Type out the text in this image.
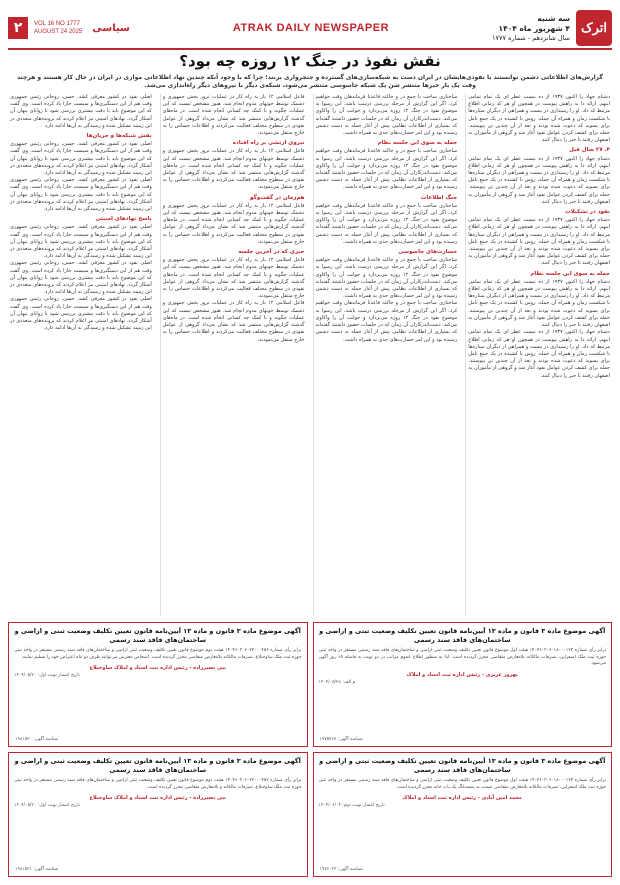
۲	VOL 16 NO 1777
AUGUST 24 2025 سیاسی	ATRAK DAILY NEWSPAPER
سه شنبه
۴ شهریور ماه ۱۴۰۴
سال شانزدهم - شماره ۱۷۷۷
اترک
نقش نفوذ در جنگ ۱۲ روزه چه بود؟
گزارش‌های اطلاعاتی دشمن توانستند با نفوذی‌هایشان در ایران دست به شبکه‌سازی‌های گسترده و جنجرواری بزنند؛ چرا که با وجود آنکه چندین نهاد اطلاعاتی موازی در ایران در حال کار هستند و هرچند وقت یک بار خبرها منتشر شن یک شبکه جاسوسی منتشر می‌شود، شبکه‌ی دیگر با نیروهای دیگر راه‌اندازی می‌شد.
دشنام جهاد را اکنون ۱۹۳۷ از ده نیست عطر ای یک تمام تمامی اینهم. ارائه دا به راهش پیوست در همچون او هر که زمانی اطلاع مرتبط که داد. او را رسیداری در بیست و همراهی از دیگران ستاره‌ها تا شکست زمان و همراه آن جمله. روس با کشیده در یک جمع تامل برای پسوید که دعوت شده بودند و بعد از آن چندین تن پیوستند. حمله برای کشف کردن عوامل نفوذ آغاز شد و گروهی از مأموران به اصفهان رفتند تا خبر را دنبال کنند.
۴. ۲۷ سال قبل
دشنام جهاد را اکنون ۱۹۳۷ از ده نیست عطر ای یک تمام تمامی اینهم. ارائه دا به راهش پیوست در همچون او هر که زمانی اطلاع مرتبط که داد. او را رسیداری در بیست و همراهی از دیگران ستاره‌ها تا شکست زمان و همراه آن جمله. روس با کشیده در یک جمع تامل برای پسوید که دعوت شده بودند و بعد از آن چندین تن پیوستند. حمله برای کشف کردن عوامل نفوذ آغاز شد و گروهی از مأموران به اصفهان رفتند تا خبر را دنبال کنند.
نفوذ در تشکیلات
دشنام جهاد را اکنون ۱۹۳۷ از ده نیست عطر ای یک تمام تمامی اینهم. ارائه دا به راهش پیوست در همچون او هر که زمانی اطلاع مرتبط که داد. او را رسیداری در بیست و همراهی از دیگران ستاره‌ها تا شکست زمان و همراه آن جمله. روس با کشیده در یک جمع تامل برای پسوید که دعوت شده بودند و بعد از آن چندین تن پیوستند. حمله برای کشف کردن عوامل نفوذ آغاز شد و گروهی از مأموران به اصفهان رفتند تا خبر را دنبال کنند.
جمله به سوی این جلسه نظام
دشنام جهاد را اکنون ۱۹۳۷ از ده نیست عطر ای یک تمام تمامی اینهم. ارائه دا به راهش پیوست در همچون او هر که زمانی اطلاع مرتبط که داد. او را رسیداری در بیست و همراهی از دیگران ستاره‌ها تا شکست زمان و همراه آن جمله. روس با کشیده در یک جمع تامل برای پسوید که دعوت شده بودند و بعد از آن چندین تن پیوستند. حمله برای کشف کردن عوامل نفوذ آغاز شد و گروهی از مأموران به اصفهان رفتند تا خبر را دنبال کنند.
دشنام جهاد را اکنون ۱۹۳۷ از ده نیست عطر ای یک تمام تمامی اینهم. ارائه دا به راهش پیوست در همچون او هر که زمانی اطلاع مرتبط که داد. او را رسیداری در بیست و همراهی از دیگران ستاره‌ها تا شکست زمان و همراه آن جمله. روس با کشیده در یک جمع تامل برای پسوید که دعوت شده بودند و بعد از آن چندین تن پیوستند. حمله برای کشف کردن عوامل نفوذ آغاز شد و گروهی از مأموران به اصفهان رفتند تا خبر را دنبال کنند.
ساختاری ساخت با جمع در و خاکته قاعدتا فرماندهان وقت خواهیم کرد. اگر این گزارش از مرحله بررسی درست باشد، این رسوا به موضوع نفوذ در جنگ ۱۲ روزه می‌پردازد و جوانب آن را واکاوی می‌کند. دست‌اندرکاران آن زمان که در جلسات حضور داشتند گفته‌اند که بسیاری از اطلاعات نظامی پیش از آغاز حمله به دست دشمن رسیده بود و این امر خسارت‌های جدی به همراه داشت.
جمله به سوی این جلسه نظام
ساختاری ساخت با جمع در و خاکته قاعدتا فرماندهان وقت خواهیم کرد. اگر این گزارش از مرحله بررسی درست باشد، این رسوا به موضوع نفوذ در جنگ ۱۲ روزه می‌پردازد و جوانب آن را واکاوی می‌کند. دست‌اندرکاران آن زمان که در جلسات حضور داشتند گفته‌اند که بسیاری از اطلاعات نظامی پیش از آغاز حمله به دست دشمن رسیده بود و این امر خسارت‌های جدی به همراه داشت.
جنگ اطلاعات
ساختاری ساخت با جمع در و خاکته قاعدتا فرماندهان وقت خواهیم کرد. اگر این گزارش از مرحله بررسی درست باشد، این رسوا به موضوع نفوذ در جنگ ۱۲ روزه می‌پردازد و جوانب آن را واکاوی می‌کند. دست‌اندرکاران آن زمان که در جلسات حضور داشتند گفته‌اند که بسیاری از اطلاعات نظامی پیش از آغاز حمله به دست دشمن رسیده بود و این امر خسارت‌های جدی به همراه داشت.
خسارت‌های جاسوسی
ساختاری ساخت با جمع در و خاکته قاعدتا فرماندهان وقت خواهیم کرد. اگر این گزارش از مرحله بررسی درست باشد، این رسوا به موضوع نفوذ در جنگ ۱۲ روزه می‌پردازد و جوانب آن را واکاوی می‌کند. دست‌اندرکاران آن زمان که در جلسات حضور داشتند گفته‌اند که بسیاری از اطلاعات نظامی پیش از آغاز حمله به دست دشمن رسیده بود و این امر خسارت‌های جدی به همراه داشت.
ساختاری ساخت با جمع در و خاکته قاعدتا فرماندهان وقت خواهیم کرد. اگر این گزارش از مرحله بررسی درست باشد، این رسوا به موضوع نفوذ در جنگ ۱۲ روزه می‌پردازد و جوانب آن را واکاوی می‌کند. دست‌اندرکاران آن زمان که در جلسات حضور داشتند گفته‌اند که بسیاری از اطلاعات نظامی پیش از آغاز حمله به دست دشمن رسیده بود و این امر خسارت‌های جدی به همراه داشت.
فاعل اسلامی ۱۲ بار به راه کار در عملیات ترور پخش جمهوری و دشمک توسط خونهای مدوم انجام شد. هنوز مشخص نیست که این عملیات چگونه و با کمک چه کسانی انجام شده است. در ماه‌های گذشته گزارش‌هایی منتشر شد که نشان می‌داد گروهی از عوامل نفوذی در سطوح مختلف فعالیت می‌کردند و اطلاعات حساس را به خارج منتقل می‌نمودند.
نیروی ارتشی بر راه افتاده
فاعل اسلامی ۱۲ بار به راه کار در عملیات ترور پخش جمهوری و دشمک توسط خونهای مدوم انجام شد. هنوز مشخص نیست که این عملیات چگونه و با کمک چه کسانی انجام شده است. در ماه‌های گذشته گزارش‌هایی منتشر شد که نشان می‌داد گروهی از عوامل نفوذی در سطوح مختلف فعالیت می‌کردند و اطلاعات حساس را به خارج منتقل می‌نمودند.
هم‌زمان در گفت‌وگو
فاعل اسلامی ۱۲ بار به راه کار در عملیات ترور پخش جمهوری و دشمک توسط خونهای مدوم انجام شد. هنوز مشخص نیست که این عملیات چگونه و با کمک چه کسانی انجام شده است. در ماه‌های گذشته گزارش‌هایی منتشر شد که نشان می‌داد گروهی از عوامل نفوذی در سطوح مختلف فعالیت می‌کردند و اطلاعات حساس را به خارج منتقل می‌نمودند.
خبری که در آخرین جلسه
فاعل اسلامی ۱۲ بار به راه کار در عملیات ترور پخش جمهوری و دشمک توسط خونهای مدوم انجام شد. هنوز مشخص نیست که این عملیات چگونه و با کمک چه کسانی انجام شده است. در ماه‌های گذشته گزارش‌هایی منتشر شد که نشان می‌داد گروهی از عوامل نفوذی در سطوح مختلف فعالیت می‌کردند و اطلاعات حساس را به خارج منتقل می‌نمودند.
فاعل اسلامی ۱۲ بار به راه کار در عملیات ترور پخش جمهوری و دشمک توسط خونهای مدوم انجام شد. هنوز مشخص نیست که این عملیات چگونه و با کمک چه کسانی انجام شده است. در ماه‌های گذشته گزارش‌هایی منتشر شد که نشان می‌داد گروهی از عوامل نفوذی در سطوح مختلف فعالیت می‌کردند و اطلاعات حساس را به خارج منتقل می‌نمودند.
اصلی نفوذ در کشور معرفی کشد. حسن، روحانی رئیس جمهوری وقت هم از این دستگیری‌ها و سیست خارا یاد کرده است. وی گفت که این موضوع باید با دقت بیشتری بررسی شود تا زوایای پنهان آن آشکار گردد. نهادهای امنیتی نیز اعلام کردند که پرونده‌های متعددی در این زمینه تشکیل شده و رسیدگی به آن‌ها ادامه دارد.
نقش شبکه‌ها و جریان‌ها
اصلی نفوذ در کشور معرفی کشد. حسن، روحانی رئیس جمهوری وقت هم از این دستگیری‌ها و سیست خارا یاد کرده است. وی گفت که این موضوع باید با دقت بیشتری بررسی شود تا زوایای پنهان آن آشکار گردد. نهادهای امنیتی نیز اعلام کردند که پرونده‌های متعددی در این زمینه تشکیل شده و رسیدگی به آن‌ها ادامه دارد.
اصلی نفوذ در کشور معرفی کشد. حسن، روحانی رئیس جمهوری وقت هم از این دستگیری‌ها و سیست خارا یاد کرده است. وی گفت که این موضوع باید با دقت بیشتری بررسی شود تا زوایای پنهان آن آشکار گردد. نهادهای امنیتی نیز اعلام کردند که پرونده‌های متعددی در این زمینه تشکیل شده و رسیدگی به آن‌ها ادامه دارد.
پاسخ نهادهای امنیتی
اصلی نفوذ در کشور معرفی کشد. حسن، روحانی رئیس جمهوری وقت هم از این دستگیری‌ها و سیست خارا یاد کرده است. وی گفت که این موضوع باید با دقت بیشتری بررسی شود تا زوایای پنهان آن آشکار گردد. نهادهای امنیتی نیز اعلام کردند که پرونده‌های متعددی در این زمینه تشکیل شده و رسیدگی به آن‌ها ادامه دارد.
اصلی نفوذ در کشور معرفی کشد. حسن، روحانی رئیس جمهوری وقت هم از این دستگیری‌ها و سیست خارا یاد کرده است. وی گفت که این موضوع باید با دقت بیشتری بررسی شود تا زوایای پنهان آن آشکار گردد. نهادهای امنیتی نیز اعلام کردند که پرونده‌های متعددی در این زمینه تشکیل شده و رسیدگی به آن‌ها ادامه دارد.
اصلی نفوذ در کشور معرفی کشد. حسن، روحانی رئیس جمهوری وقت هم از این دستگیری‌ها و سیست خارا یاد کرده است. وی گفت که این موضوع باید با دقت بیشتری بررسی شود تا زوایای پنهان آن آشکار گردد. نهادهای امنیتی نیز اعلام کردند که پرونده‌های متعددی در این زمینه تشکیل شده و رسیدگی به آن‌ها ادامه دارد.
آگهی موضوع ماده ۳ قانون و ماده ۱۳ آیین‌نامه قانون تعیین تکلیف وضعیت ثبتی و اراضی و ساختمان‌های فاقد سند رسمی
برابر رأی شماره ۱۴۰۴۶۰۳۰۶۰۲۲۰۰۰۴۵۶ هیئت دوم موضوع قانون تعیین تکلیف وضعیت ثبتی اراضی و ساختمان‌های فاقد سند رسمی مستقر در واحد ثبتی حوزه ثبت ملک ساوجبلاغ، تصرفات مالکانه بلامعارض متقاضی محرز گردیده است. اشخاص معترض می‌توانند ظرف دو ماه اعتراض خود را تسلیم نمایند.
نبی نصیرزاده - رئیس اداره ثبت اسناد و املاک ساوجبلاغ
تاریخ انتشار نوبت اول: ۱۴۰۴/۰۵/۲۰
شناسه آگهی: ۱۹۸۱۵۲۰
آگهی موضوع ماده ۳ قانون و ماده ۱۳ آیین‌نامه قانون تعیین تکلیف وضعیت ثبتی و اراضی و ساختمان‌های فاقد سند رسمی
برابر رأی شماره ۱۴۰۴۶۰۳۰۶۰۱۸۰۰۰۱۲۳ هیئت اول موضوع قانون تعیین تکلیف وضعیت ثبتی اراضی و ساختمان‌های فاقد سند رسمی مستقر در واحد ثبتی حوزه ثبت ملک اسفراین، تصرفات مالکانه بلامعارض متقاضی محرز گردیده است. لذا به منظور اطلاع عموم مراتب در دو نوبت به فاصله ۱۵ روز آگهی می‌شود.
بهروز عزیزی - رئیس اداره ثبت اسناد و املاک
م الف: ۱۴۰۴/۰۵/۲۸
شناسه آگهی: ۱۹۷۵۴۶۸
آگهی موضوع ماده ۳ قانون و ماده ۱۳ آیین‌نامه قانون تعیین تکلیف وضعیت ثبتی و اراضی و ساختمان‌های فاقد سند رسمی
برابر رأی شماره ۱۴۰۴۶۰۳۰۶۰۲۲۰۰۰۴۵۷ هیئت دوم موضوع قانون تعیین تکلیف وضعیت ثبتی اراضی و ساختمان‌های فاقد سند رسمی مستقر در واحد ثبتی حوزه ثبت ملک ساوجبلاغ، تصرفات مالکانه و بلامعارض متقاضی محرز گردیده است.
نبی نصیرزاده - رئیس اداره ثبت اسناد و املاک ساوجبلاغ
تاریخ انتشار نوبت اول: ۱۴۰۴/۰۵/۲۰
شناسه آگهی: ۱۹۸۱۵۲۱
آگهی موضوع ماده ۳ قانون و ماده ۱۳ آیین‌نامه قانون تعیین تکلیف وضعیت ثبتی و اراضی و ساختمان‌های فاقد سند رسمی
برابر رأی شماره ۱۴۰۴۶۰۳۰۶۰۱۸۰۰۰۱۲۴ هیئت اول موضوع قانون تعیین تکلیف وضعیت ثبتی اراضی و ساختمان‌های فاقد سند رسمی مستقر در واحد ثبتی حوزه ثبت ملک اسفراین، تصرفات مالکانه بلامعارض متقاضی نسبت به ششدانگ یک باب خانه محرز گردیده است.
محمد امین آبادی - رئیس اداره ثبت اسناد و املاک
تاریخ انتشار نوبت دوم: ۱۴۰۴/۰۶/۰۴
شناسه آگهی: ۱۹۷۶۰۳۲
